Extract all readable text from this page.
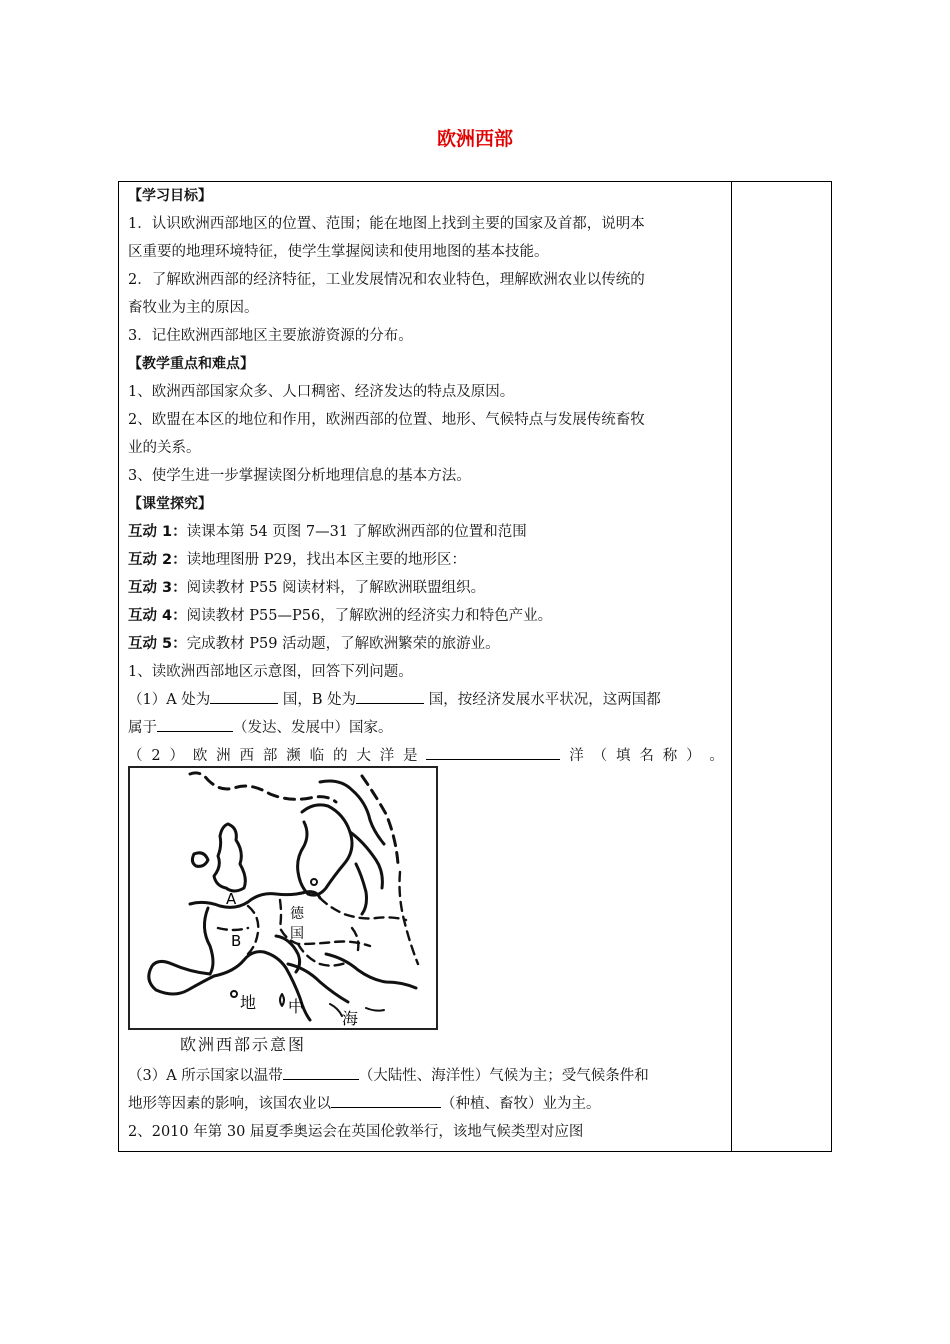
欧洲西部
【学习目标】
1．认识欧洲西部地区的位置、范围；能在地图上找到主要的国家及首都，说明本
区重要的地理环境特征，使学生掌握阅读和使用地图的基本技能。
2．了解欧洲西部的经济特征，工业发展情况和农业特色，理解欧洲农业以传统的
畜牧业为主的原因。
3．记住欧洲西部地区主要旅游资源的分布。
【教学重点和难点】
1、欧洲西部国家众多、人口稠密、经济发达的特点及原因。
2、欧盟在本区的地位和作用，欧洲西部的位置、地形、气候特点与发展传统畜牧
业的关系。
3、使学生进一步掌握读图分析地理信息的基本方法。
【课堂探究】
互动 1：读课本第 54 页图 7—31 了解欧洲西部的位置和范围
互动 2：读地理图册 P29，找出本区主要的地形区：
互动 3：阅读教材 P55 阅读材料，了解欧洲联盟组织。
互动 4：阅读教材 P55—P56，了解欧洲的经济实力和特色产业。
互动 5：完成教材 P59 活动题，了解欧洲繁荣的旅游业。
1、读欧洲西部地区示意图，回答下列问题。
（1）A 处为	国，B 处为	国，按经济发展水平状况，这两国都
属于	（发达、发展中）国家。
（ 2 ） 欧 洲 西 部 濒 临 的 大 洋 是	洋 （ 填 名 称 ） 。
A
B
德
国
地 中
海
欧洲西部示意图
（3）A 所示国家以温带	（大陆性、海洋性）气候为主；受气候条件和
地形等因素的影响，该国农业以	（种植、畜牧）业为主。
2、2010 年第 30 届夏季奥运会在英国伦敦举行，该地气候类型对应图
